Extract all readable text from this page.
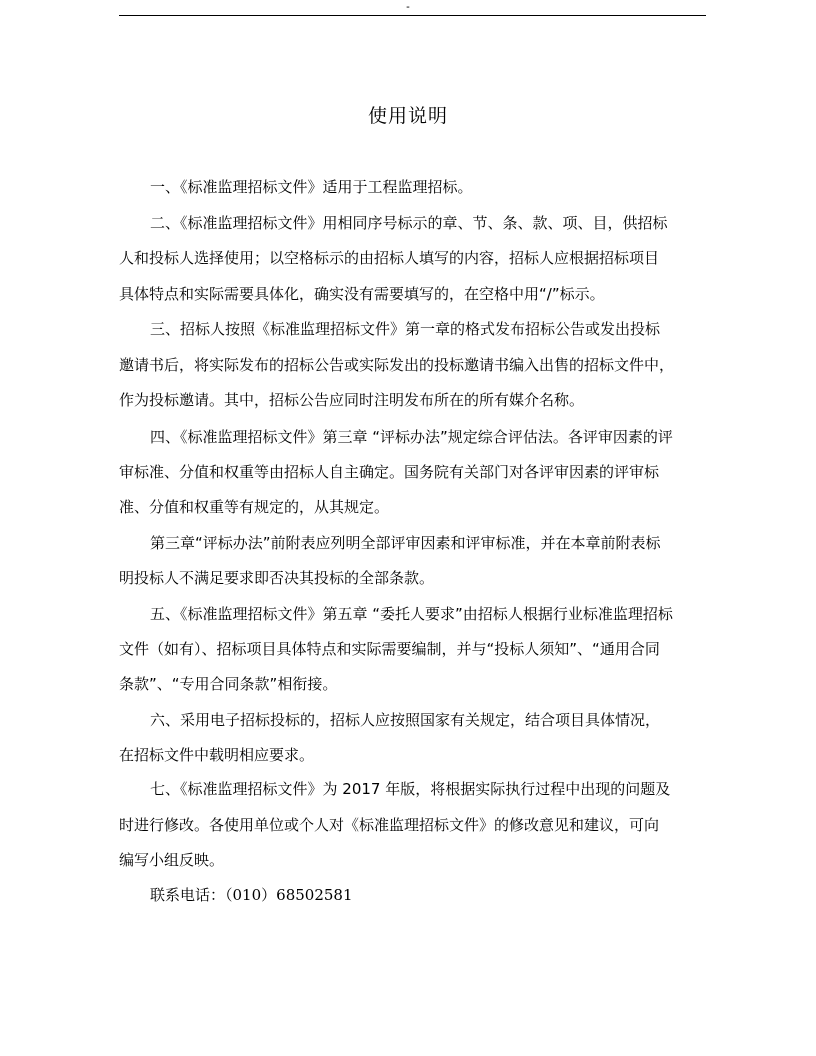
-
使用说明
一、《标准监理招标文件》适用于工程监理招标。
二、《标准监理招标文件》用相同序号标示的章、节、条、款、项、目，供招标
人和投标人选择使用；以空格标示的由招标人填写的内容，招标人应根据招标项目
具体特点和实际需要具体化，确实没有需要填写的，在空格中用“/”标示。
三、招标人按照《标准监理招标文件》第一章的格式发布招标公告或发出投标
邀请书后，将实际发布的招标公告或实际发出的投标邀请书编入出售的招标文件中，
作为投标邀请。其中，招标公告应同时注明发布所在的所有媒介名称。
四、《标准监理招标文件》第三章 “评标办法”规定综合评估法。各评审因素的评
审标准、分值和权重等由招标人自主确定。国务院有关部门对各评审因素的评审标
准、分值和权重等有规定的，从其规定。
第三章“评标办法”前附表应列明全部评审因素和评审标准，并在本章前附表标
明投标人不满足要求即否决其投标的全部条款。
五、《标准监理招标文件》第五章 “委托人要求”由招标人根据行业标准监理招标
文件（如有）、招标项目具体特点和实际需要编制，并与“投标人须知”、“通用合同
条款”、“专用合同条款”相衔接。
六、采用电子招标投标的，招标人应按照国家有关规定，结合项目具体情况，
在招标文件中载明相应要求。
七、《标准监理招标文件》为 2017 年版，将根据实际执行过程中出现的问题及
时进行修改。各使用单位或个人对《标准监理招标文件》的修改意见和建议，可向
编写小组反映。
联系电话：（010）68502581
